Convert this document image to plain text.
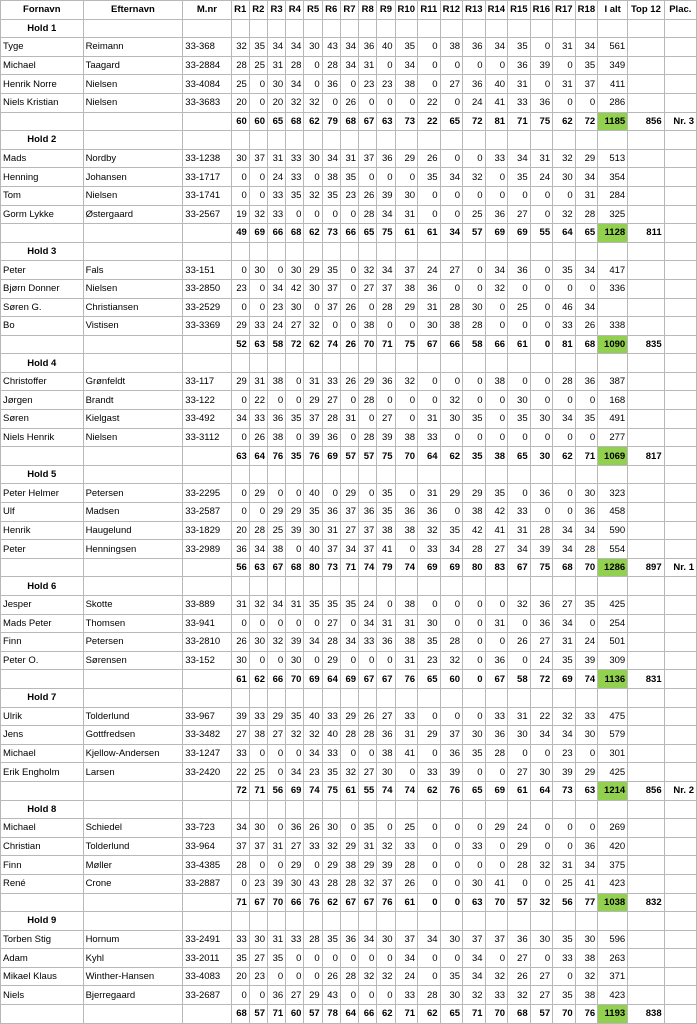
Fornavn	Efternavn	M.nr	R1	R2	R3	R4	R5	R6	R7	R8	R9	R10	R11	R12	R13	R14	R15	R16	R17	R18	I alt	Top 12	Plac.
Hold 1																							
Tyge	Reimann	33-368	32	35	34	34	30	43	34	36	40	35	0	38	36	34	35	0	31	34	561		
Michael	Taagard	33-2884	28	25	31	28	0	28	34	31	0	34	0	0	0	0	36	39	0	35	349		
Henrik Norre	Nielsen	33-4084	25	0	30	34	0	36	0	23	23	38	0	27	36	40	31	0	31	37	411		
Niels Kristian	Nielsen	33-3683	20	0	20	32	32	0	26	0	0	0	22	0	24	41	33	36	0	0	286		
			60	60	65	68	62	79	68	67	63	73	22	65	72	81	71	75	62	72	1185	856	Nr. 3
Hold 2																							
Mads	Nordby	33-1238	30	37	31	33	30	34	31	37	36	29	26	0	0	33	34	31	32	29	513		
Henning	Johansen	33-1717	0	0	24	33	0	38	35	0	0	0	35	34	32	0	35	24	30	34	354		
Tom	Nielsen	33-1741	0	0	33	35	32	35	23	26	39	30	0	0	0	0	0	0	0	31	284		
Gorm Lykke	Østergaard	33-2567	19	32	33	0	0	0	0	28	34	31	0	0	25	36	27	0	32	28	325		
			49	69	66	68	62	73	66	65	75	61	61	34	57	69	69	55	64	65	1128	811	
Hold 3																							
Peter	Fals	33-151	0	30	0	30	29	35	0	32	34	37	24	27	0	34	36	0	35	34	417		
Bjørn Donner	Nielsen	33-2850	23	0	34	42	30	37	0	27	37	38	36	0	0	32	0	0	0	0	336		
Søren G.	Christiansen	33-2529	0	0	23	30	0	37	26	0	28	29	31	28	30	0	25	0	46	34			
Bo	Vistisen	33-3369	29	33	24	27	32	0	0	38	0	0	30	38	28	0	0	0	33	26	338		
			52	63	58	72	62	74	26	70	71	75	67	66	58	66	61	0	81	68	1090	835	
Hold 4																							
Christoffer	Grønfeldt	33-117	29	31	38	0	31	33	26	29	36	32	0	0	0	38	0	0	28	36	387		
Jørgen	Brandt	33-122	0	22	0	0	29	27	0	28	0	0	0	32	0	0	30	0	0	0	168		
Søren	Kielgast	33-492	34	33	36	35	37	28	31	0	27	0	31	30	35	0	35	30	34	35	491		
Niels Henrik	Nielsen	33-3112	0	26	38	0	39	36	0	28	39	38	33	0	0	0	0	0	0	0	277		
			63	64	76	35	76	69	57	57	75	70	64	62	35	38	65	30	62	71	1069	817	
Hold 5																							
Peter Helmer	Petersen	33-2295	0	29	0	0	40	0	29	0	35	0	31	29	29	35	0	36	0	30	323		
Ulf	Madsen	33-2587	0	0	29	29	35	36	37	36	35	36	36	0	38	42	33	0	0	36	458		
Henrik	Haugelund	33-1829	20	28	25	39	30	31	27	37	38	38	32	35	42	41	31	28	34	34	590		
Peter	Henningsen	33-2989	36	34	38	0	40	37	34	37	41	0	33	34	28	27	34	39	34	28	554		
			56	63	67	68	80	73	71	74	79	74	69	69	80	83	67	75	68	70	1286	897	Nr. 1
Hold 6																							
Jesper	Skotte	33-889	31	32	34	31	35	35	35	24	0	38	0	0	0	0	32	36	27	35	425		
Mads Peter	Thomsen	33-941	0	0	0	0	0	27	0	34	31	31	30	0	0	31	0	36	34	0	254		
Finn	Petersen	33-2810	26	30	32	39	34	28	34	33	36	38	35	28	0	0	26	27	31	24	501		
Peter O.	Sørensen	33-152	30	0	0	30	0	29	0	0	0	31	23	32	0	36	0	24	35	39	309		
			61	62	66	70	69	64	69	67	67	76	65	60	0	67	58	72	69	74	1136	831	
Hold 7																							
Ulrik	Tolderlund	33-967	39	33	29	35	40	33	29	26	27	33	0	0	0	33	31	22	32	33	475		
Jens	Gottfredsen	33-3482	27	38	27	32	32	40	28	28	36	31	29	37	30	36	30	34	34	30	579		
Michael	Kjellow-Andersen	33-1247	33	0	0	0	34	33	0	0	38	41	0	36	35	28	0	0	23	0	301		
Erik Engholm	Larsen	33-2420	22	25	0	34	23	35	32	27	30	0	33	39	0	0	27	30	39	29	425		
			72	71	56	69	74	75	61	55	74	74	62	76	65	69	61	64	73	63	1214	856	Nr. 2
Hold 8																							
Michael	Schiedel	33-723	34	30	0	36	26	30	0	35	0	25	0	0	0	29	24	0	0	0	269		
Christian	Tolderlund	33-964	37	37	31	27	33	32	29	31	32	33	0	0	33	0	29	0	0	36	420		
Finn	Møller	33-4385	28	0	0	29	0	29	38	29	39	28	0	0	0	0	28	32	31	34	375		
René	Crone	33-2887	0	23	39	30	43	28	28	32	37	26	0	0	30	41	0	0	25	41	423		
			71	67	70	66	76	62	67	67	76	61	0	0	63	70	57	32	56	77	1038	832	
Hold 9																							
Torben Stig	Hornum	33-2491	33	30	31	33	28	35	36	34	30	37	34	30	37	37	36	30	35	30	596		
Adam	Kyhl	33-2011	35	27	35	0	0	0	0	0	0	34	0	0	34	0	27	0	33	38	263		
Mikael Klaus	Winther-Hansen	33-4083	20	23	0	0	0	26	28	32	32	24	0	35	34	32	26	27	0	32	371		
Niels	Bjerregaard	33-2687	0	0	36	27	29	43	0	0	0	33	28	30	32	33	32	27	35	38	423		
			68	57	71	60	57	78	64	66	62	71	62	65	71	70	68	57	70	76	1193	838	
